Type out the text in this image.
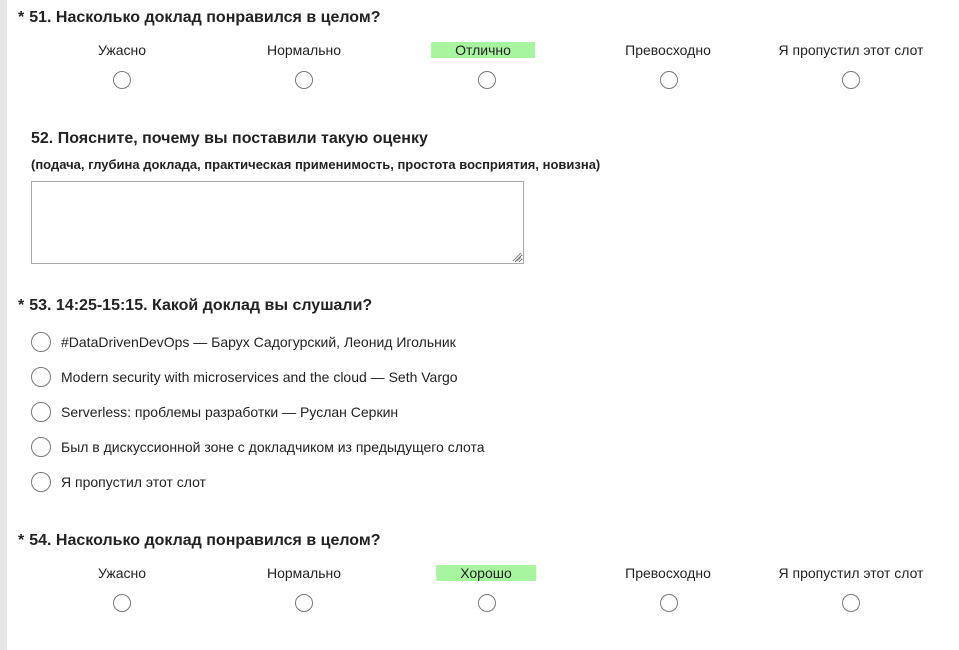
* 51. Насколько доклад понравился в целом?
Ужасно	Нормально	Отлично	Превосходно	Я пропустил этот слот
52. Поясните, почему вы поставили такую оценку
(подача, глубина доклада, практическая применимость, простота восприятия, новизна)
* 53. 14:25-15:15. Какой доклад вы слушали?
#DataDrivenDevOps — Барух Садогурский, Леонид Игольник
Modern security with microservices and the cloud — Seth Vargo
Serverless: проблемы разработки — Руслан Серкин
Был в дискуссионной зоне с докладчиком из предыдущего слота
Я пропустил этот слот
* 54. Насколько доклад понравился в целом?
Ужасно	Нормально	Хорошо	Превосходно	Я пропустил этот слот
